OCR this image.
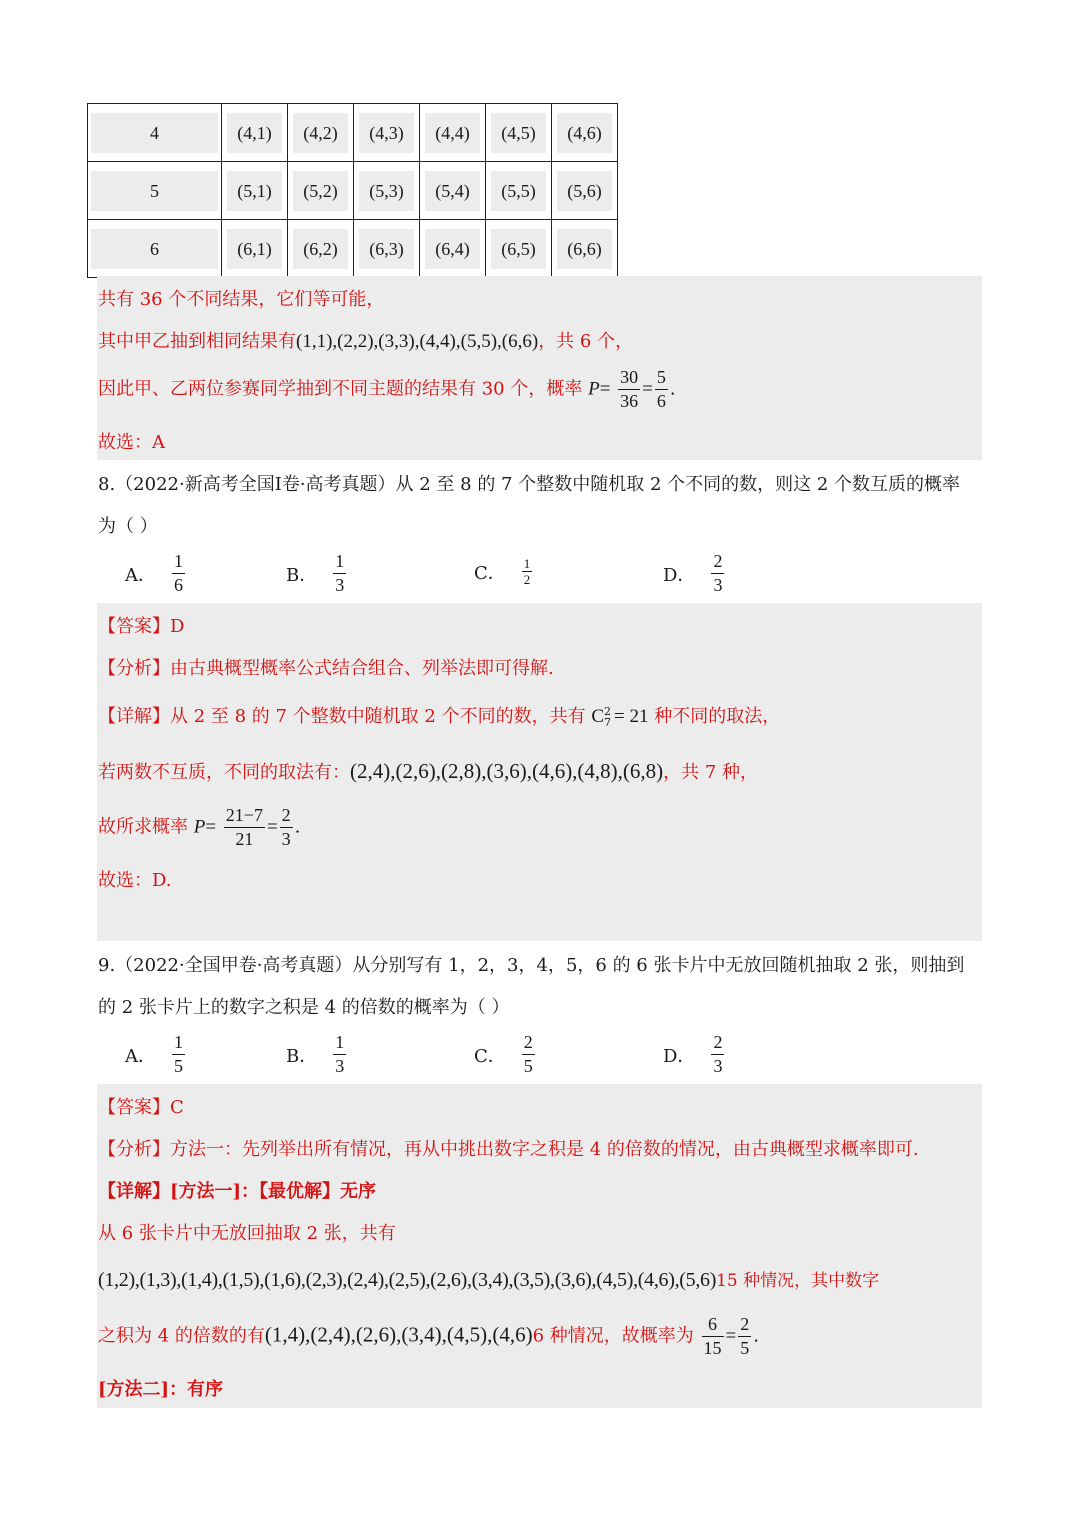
4	(4,1)	(4,2)	(4,3)	(4,4)	(4,5)	(4,6)

5	(5,1)	(5,2)	(5,3)	(5,4)	(5,5)	(5,6)

6	(6,1)	(6,2)	(6,3)	(6,4)	(6,5)	(6,6)
共有 36 个不同结果，它们等可能，
其中甲乙抽到相同结果有(1,1),(2,2),(3,3),(4,4),(5,5),(6,6)，共 6 个，
因此甲、乙两位参赛同学抽到不同主题的结果有 30 个，概率 $P= \frac{30}{36} = \frac{5}{6}$ .
故选：A
8.（2022·新高考全国Ⅰ卷·高考真题）从 2 至 8 的 7 个整数中随机取 2 个不同的数，则这 2 个数互质的概率
为（ ）
A． $\frac{1}{6}$	B． $\frac{1}{3}$	C． $\frac{1}{2}$	D． $\frac{2}{3}$
【答案】D
【分析】由古典概型概率公式结合组合、列举法即可得解.
【详解】从 2 至 8 的 7 个整数中随机取 2 个不同的数，共有 C 2
7 = 21 种不同的取法，
若两数不互质，不同的取法有：(2,4),(2,6),(2,8),(3,6),(4,6),(4,8),(6,8)，共 7 种，
故所求概率 $P= \frac{21-7}{21} = \frac{2}{3}$ .
故选：D.
9.（2022·全国甲卷·高考真题）从分别写有 1，2，3，4，5，6 的 6 张卡片中无放回随机抽取 2 张，则抽到
的 2 张卡片上的数字之积是 4 的倍数的概率为（ ）
A． $\frac{1}{5}$	B． $\frac{1}{3}$	C． $\frac{2}{5}$	D． $\frac{2}{3}$
【答案】C
【分析】方法一：先列举出所有情况，再从中挑出数字之积是 4 的倍数的情况，由古典概型求概率即可.
【详解】[方法一]：【最优解】无序
从 6 张卡片中无放回抽取 2 张，共有
(1,2),(1,3),(1,4),(1,5),(1,6),(2,3),(2,4),(2,5),(2,6),(3,4),(3,5),(3,6),(4,5),(4,6),(5,6)15 种情况，其中数字
之积为 4 的倍数的有(1,4),(2,4),(2,6),(3,4),(4,5),(4,6)6 种情况，故概率为 $\frac{6}{15} = \frac{2}{5}$ .
[方法二]：有序
